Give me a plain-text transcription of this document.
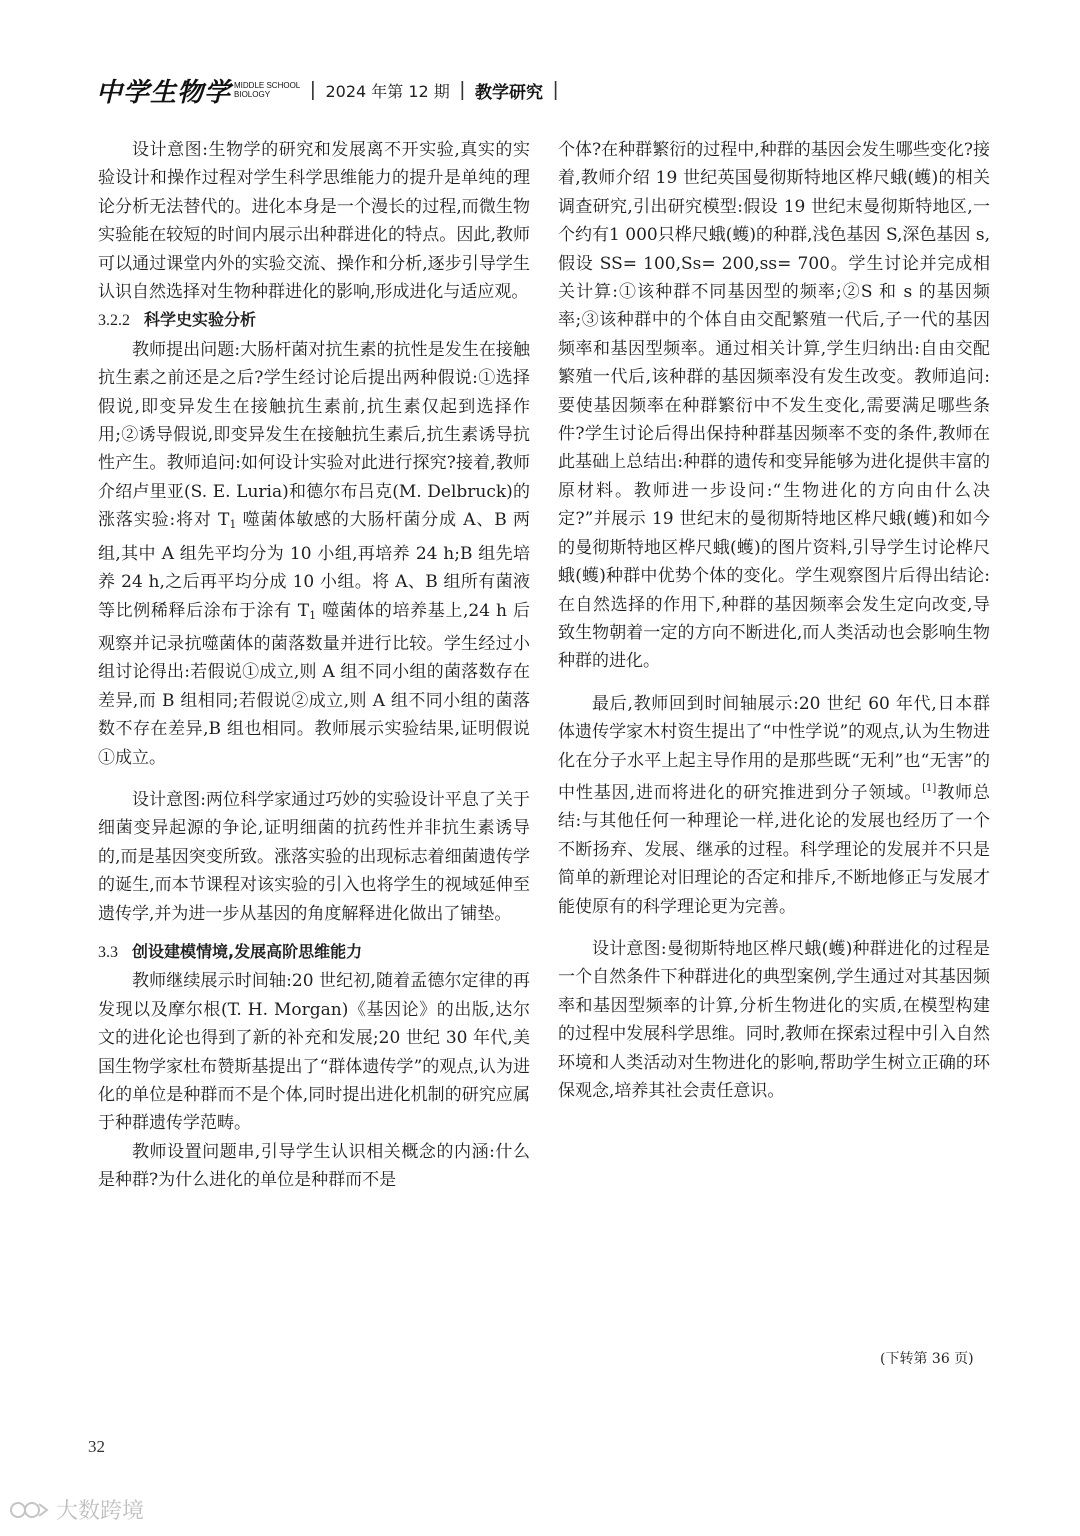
中学生物学 MIDDLE SCHOOL
BIOLOGY	| 2024 年第 12 期 | 教学研究 |

设计意图:生物学的研究和发展离不开实验,真实的实验设计和操作过程对学生科学思维能力的提升是单纯的理论分析无法替代的。进化本身是一个漫长的过程,而微生物实验能在较短的时间内展示出种群进化的特点。因此,教师可以通过课堂内外的实验交流、操作和分析,逐步引导学生认识自然选择对生物种群进化的影响,形成进化与适应观。

3.2.2 科学史实验分析

教师提出问题:大肠杆菌对抗生素的抗性是发生在接触抗生素之前还是之后?学生经讨论后提出两种假说:①选择假说,即变异发生在接触抗生素前,抗生素仅起到选择作用;②诱导假说,即变异发生在接触抗生素后,抗生素诱导抗性产生。教师追问:如何设计实验对此进行探究?接着,教师介绍卢里亚(S. E. Luria)和德尔布吕克(M. Delbruck)的涨落实验:将对 $T_1$ 噬菌体敏感的大肠杆菌分成 A、B 两组,其中 A 组先平均分为 10 小组,再培养 24 h;B 组先培养 24 h,之后再平均分成 10 小组。将 A、B 组所有菌液等比例稀释后涂布于涂有 $T_1$ 噬菌体的培养基上,24 h 后观察并记录抗噬菌体的菌落数量并进行比较。学生经过小组讨论得出:若假说①成立,则 A 组不同小组的菌落数存在差异,而 B 组相同;若假说②成立,则 A 组不同小组的菌落数不存在差异,B 组也相同。教师展示实验结果,证明假说①成立。

设计意图:两位科学家通过巧妙的实验设计平息了关于细菌变异起源的争论,证明细菌的抗药性并非抗生素诱导的,而是基因突变所致。涨落实验的出现标志着细菌遗传学的诞生,而本节课程对该实验的引入也将学生的视域延伸至遗传学,并为进一步从基因的角度解释进化做出了铺垫。

3.3 创设建模情境,发展高阶思维能力

教师继续展示时间轴:20 世纪初,随着孟德尔定律的再发现以及摩尔根(T. H. Morgan)《基因论》的出版,达尔文的进化论也得到了新的补充和发展;20 世纪 30 年代,美国生物学家杜布赞斯基提出了“群体遗传学”的观点,认为进化的单位是种群而不是个体,同时提出进化机制的研究应属于种群遗传学范畴。

教师设置问题串,引导学生认识相关概念的内涵:什么是种群?为什么进化的单位是种群而不是

个体?在种群繁衍的过程中,种群的基因会发生哪些变化?接着,教师介绍 19 世纪英国曼彻斯特地区桦尺蛾(蠖)的相关调查研究,引出研究模型:假设 19 世纪末曼彻斯特地区,一个约有1 000只桦尺蛾(蠖)的种群,浅色基因 S,深色基因 s,假设 SS= 100,Ss= 200,ss= 700。学生讨论并完成相关计算:①该种群不同基因型的频率;②S 和 s 的基因频率;③该种群中的个体自由交配繁殖一代后,子一代的基因频率和基因型频率。通过相关计算,学生归纳出:自由交配繁殖一代后,该种群的基因频率没有发生改变。教师追问:要使基因频率在种群繁衍中不发生变化,需要满足哪些条件?学生讨论后得出保持种群基因频率不变的条件,教师在此基础上总结出:种群的遗传和变异能够为进化提供丰富的原材料。教师进一步设问:“生物进化的方向由什么决定?”并展示 19 世纪末的曼彻斯特地区桦尺蛾(蠖)和如今的曼彻斯特地区桦尺蛾(蠖)的图片资料,引导学生讨论桦尺蛾(蠖)种群中优势个体的变化。学生观察图片后得出结论:在自然选择的作用下,种群的基因频率会发生定向改变,导致生物朝着一定的方向不断进化,而人类活动也会影响生物种群的进化。

最后,教师回到时间轴展示:20 世纪 60 年代,日本群体遗传学家木村资生提出了“中性学说”的观点,认为生物进化在分子水平上起主导作用的是那些既“无利”也“无害”的中性基因,进而将进化的研究推进到分子领域。[1]教师总结:与其他任何一种理论一样,进化论的发展也经历了一个不断扬弃、发展、继承的过程。科学理论的发展并不只是简单的新理论对旧理论的否定和排斥,不断地修正与发展才能使原有的科学理论更为完善。

设计意图:曼彻斯特地区桦尺蛾(蠖)种群进化的过程是一个自然条件下种群进化的典型案例,学生通过对其基因频率和基因型频率的计算,分析生物进化的实质,在模型构建的过程中发展科学思维。同时,教师在探索过程中引入自然环境和人类活动对生物进化的影响,帮助学生树立正确的环保观念,培养其社会责任意识。

(下转第 36 页)
32
大数跨境
